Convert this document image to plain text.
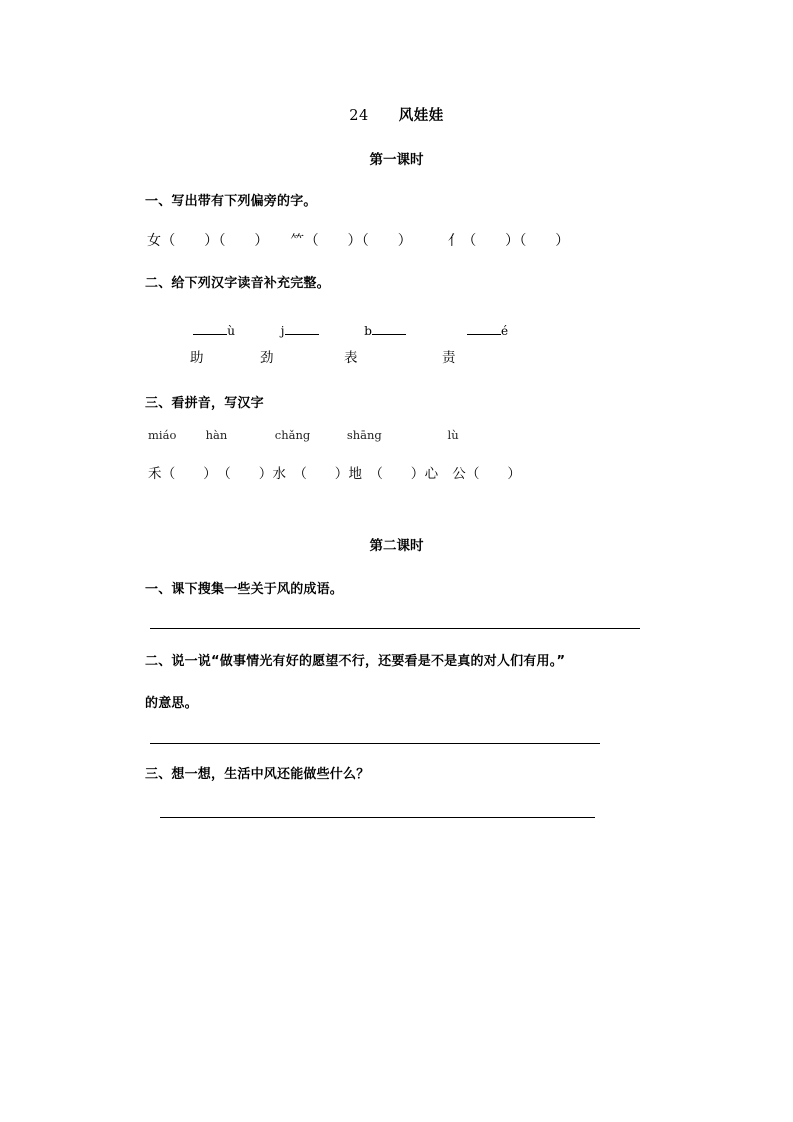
24　　 风娃娃
第一课时
一、写出带有下列偏旁的字。
女（　　）（　　）　　⺮（　　）（　　）　　　亻（　　）（　　）
二、给下列汉字读音补充完整。

ù	j	b	é

助　　　　劲　　　　　表　　　　　　责
三、看拼音，写汉字
miáo        hàn             chǎng          shāng                  lù
禾（　　）　（　　）水　（　　）地　（　　）心　公（　　）
第二课时
一、课下搜集一些关于风的成语。
二、说一说“做事情光有好的愿望不行，还要看是不是真的对人们有用。”
的意思。
三、想一想，生活中风还能做些什么？
